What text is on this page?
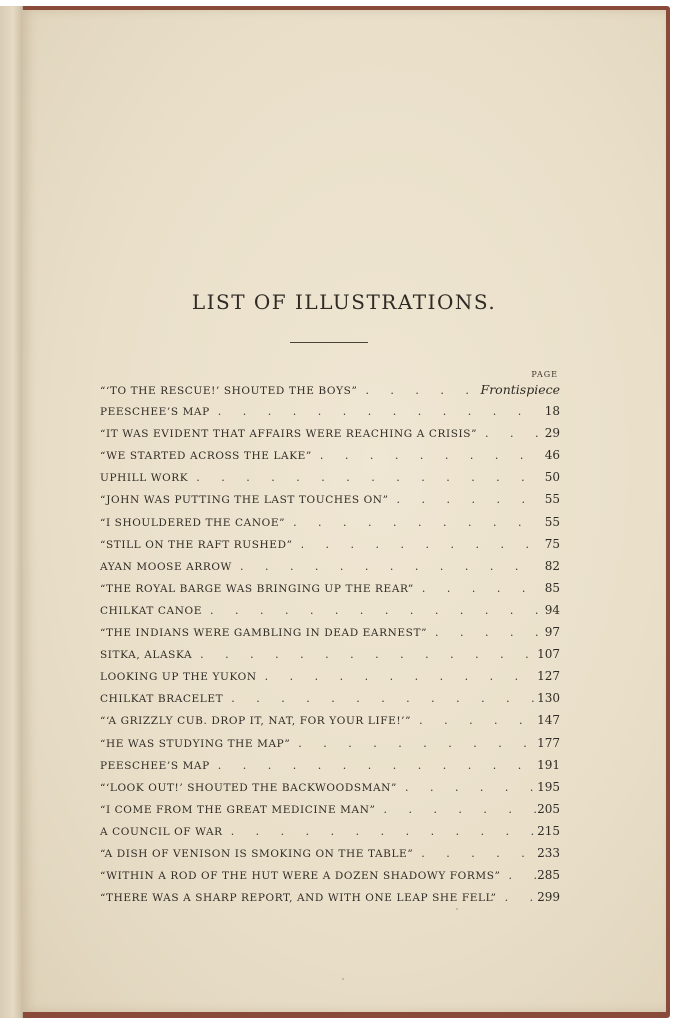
LIST OF ILLUSTRATIONS.
PAGE
“‘TO THE RESCUE!’ SHOUTED THE BOYS” . . .	Frontispiece
PEESCHEE’S MAP . . .	18
“IT WAS EVIDENT THAT AFFAIRS WERE REACHING A CRISIS” . . .	29
“WE STARTED ACROSS THE LAKE” . . .	46
UPHILL WORK . . .	50
“JOHN WAS PUTTING THE LAST TOUCHES ON” . . .	55
“I SHOULDERED THE CANOE” . . .	55
“STILL ON THE RAFT RUSHED” . . .	75
AYAN MOOSE ARROW . . .	82
“THE ROYAL BARGE WAS BRINGING UP THE REAR” . . .	85
CHILKAT CANOE . . .	94
“THE INDIANS WERE GAMBLING IN DEAD EARNEST” . . .	97
SITKA, ALASKA . . .	107
LOOKING UP THE YUKON . . .	127
CHILKAT BRACELET . . .	130
“‘A GRIZZLY CUB. DROP IT, NAT, FOR YOUR LIFE!’” . . .	147
“HE WAS STUDYING THE MAP” . . .	177
PEESCHEE’S MAP . . .	191
“‘LOOK OUT!’ SHOUTED THE BACKWOODSMAN” . . .	195
“I COME FROM THE GREAT MEDICINE MAN” . . .	205
A COUNCIL OF WAR . . .	215
“A DISH OF VENISON IS SMOKING ON THE TABLE” . . .	233
“WITHIN A ROD OF THE HUT WERE A DOZEN SHADOWY FORMS” . . .	285
“THERE WAS A SHARP REPORT, AND WITH ONE LEAP SHE FELL” . . .	299
